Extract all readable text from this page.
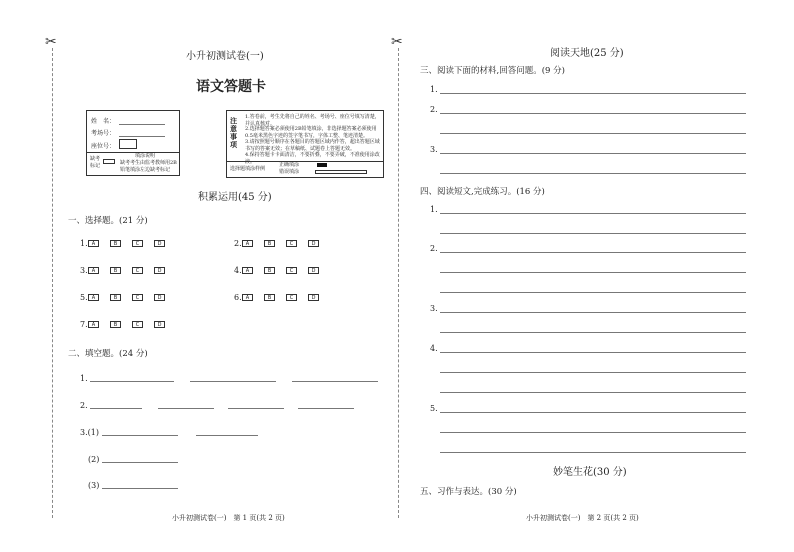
✂	✂
小升初测试卷(一)
语文答题卡
姓　名：
考场号：
座位号：
缺考标记
填涂说明
缺考考生由监考教师用2B铅笔填涂左边缺考标记
注意事项
1.答卷前，考生先将自己的姓名、考场号、座位号填写清楚，并认真核对。
2.选择题答案必须使用2B铅笔填涂，非选择题答案必须使用0.5毫米黑色字迹的签字笔书写，字体工整、笔迹清楚。
3.请按照题号顺序在各题目的答题区域内作答，超出答题区域书写的答案无效；在草稿纸、试题卷上答题无效。
4.保持答题卡卡面清洁，不要折叠，不要弄破，不准使用涂改液。
选择题填涂样例
正确填涂
错误填涂
积累运用(45 分)
一、选择题。(21 分)
1. A	B	C	D	2. A	B	C	D
3. A	B	C	D	4. A	B	C	D
5. A	B	C	D	6. A	B	C	D
7. A	B	C	D
二、填空题。(24 分)
1.
2.
3.(1)
(2)
(3)
小升初测试卷(一)　第 1 页(共 2 页)
阅读天地(25 分)
三、阅读下面的材料,回答问题。(9 分)
1.
2.
3.
1.
2.
3.
4.
5.
四、阅读短文,完成练习。(16 分)
妙笔生花(30 分)
五、习作与表达。(30 分)
小升初测试卷(一)　第 2 页(共 2 页)
